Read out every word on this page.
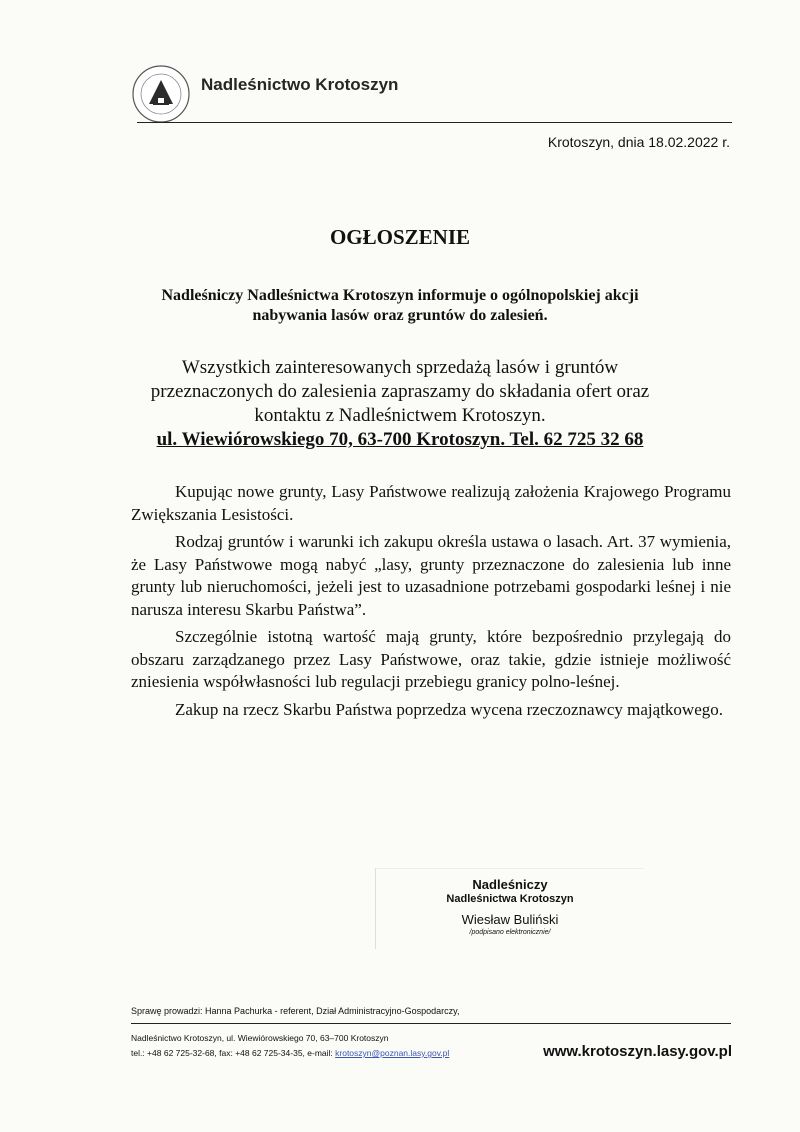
Nadleśnictwo Krotoszyn
Krotoszyn, dnia 18.02.2022 r.
OGŁOSZENIE
Nadleśniczy Nadleśnictwa Krotoszyn informuje o ogólnopolskiej akcji
nabywania lasów oraz gruntów do zalesień.
Wszystkich zainteresowanych sprzedażą lasów i gruntów
przeznaczonych do zalesienia zapraszamy do składania ofert oraz
kontaktu z Nadleśnictwem Krotoszyn.
ul. Wiewiórowskiego 70, 63-700 Krotoszyn. Tel. 62 725 32 68

Kupując nowe grunty, Lasy Państwowe realizują założenia Krajowego Programu Zwiększania Lesistości.

Rodzaj gruntów i warunki ich zakupu określa ustawa o lasach. Art. 37 wymienia, że Lasy Państwowe mogą nabyć „lasy, grunty przeznaczone do zalesienia lub inne grunty lub nieruchomości, jeżeli jest to uzasadnione potrzebami gospodarki leśnej i nie narusza interesu Skarbu Państwa”.

Szczególnie istotną wartość mają grunty, które bezpośrednio przylegają do obszaru zarządzanego przez Lasy Państwowe, oraz takie, gdzie istnieje możliwość zniesienia współwłasności lub regulacji przebiegu granicy polno-leśnej.

Zakup na rzecz Skarbu Państwa poprzedza wycena rzeczoznawcy majątkowego.

Nadleśniczy
Nadleśnictwa Krotoszyn
Wiesław Buliński
/podpisano elektronicznie/
Sprawę prowadzi: Hanna Pachurka - referent, Dział Administracyjno-Gospodarczy,
Nadleśnictwo Krotoszyn, ul. Wiewiórowskiego 70, 63–700 Krotoszyn
tel.: +48 62 725-32-68, fax: +48 62 725-34-35, e-mail: krotoszyn@poznan.lasy.gov.pl	www.krotoszyn.lasy.gov.pl
